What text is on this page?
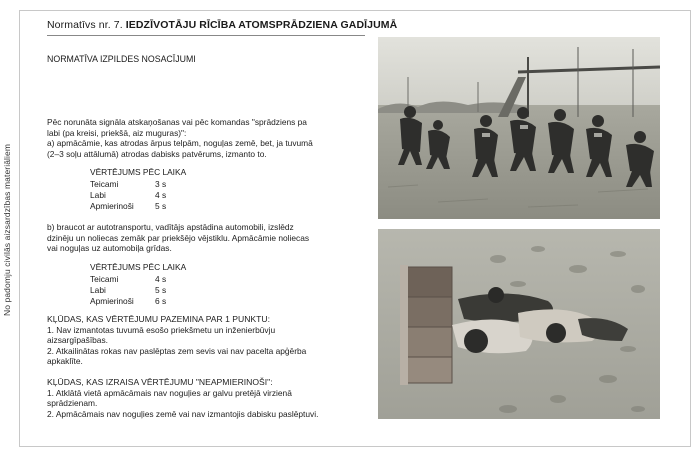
No padomju civilās aizsardzības materiāliem
Normatīvs nr. 7. IEDZĪVOTĀJU RĪCĪBA ATOMSPRĀDZIENA GADĪJUMĀ
NORMATĪVA IZPILDES NOSACĪJUMI
Pēc norunāta signāla atskaņošanas vai pēc komandas "sprādziens pa
labi (pa kreisi, priekšā, aiz muguras)":
a) apmācāmie, kas atrodas ārpus telpām, noguļas zemē, bet, ja tuvumā
(2–3 soļu attālumā) atrodas dabisks patvērums, izmanto to.
VĒRTĒJUMS PĒC LAIKA
Teicami	3 s
Labi	4 s
Apmierinoši	5 s
b) braucot ar autotransportu, vadītājs apstādina automobili, izslēdz
dzinēju un noliecas zemāk par priekšējo vējstiklu. Apmācāmie noliecas
vai noguļas uz automobiļa grīdas.
VĒRTĒJUMS PĒC LAIKA
Teicami	4 s
Labi	5 s
Apmierinoši	6 s
KĻŪDAS, KAS VĒRTĒJUMU PAZEMINA PAR 1 PUNKTU:
1. Nav izmantotas tuvumā esošo priekšmetu un inženierbūvju
aizsargīpašības.
2. Atkailinātas rokas nav paslēptas zem sevis vai nav pacelta apģērba
apkaklīte.
KĻŪDAS, KAS IZRAISA VĒRTĒJUMU "NEAPMIERINOŠI":
1. Atklātā vietā apmācāmais nav noguļies ar galvu pretējā virzienā
sprādzienam.
2. Apmācāmais nav noguļies zemē vai nav izmantojis dabisku paslēptuvi.
